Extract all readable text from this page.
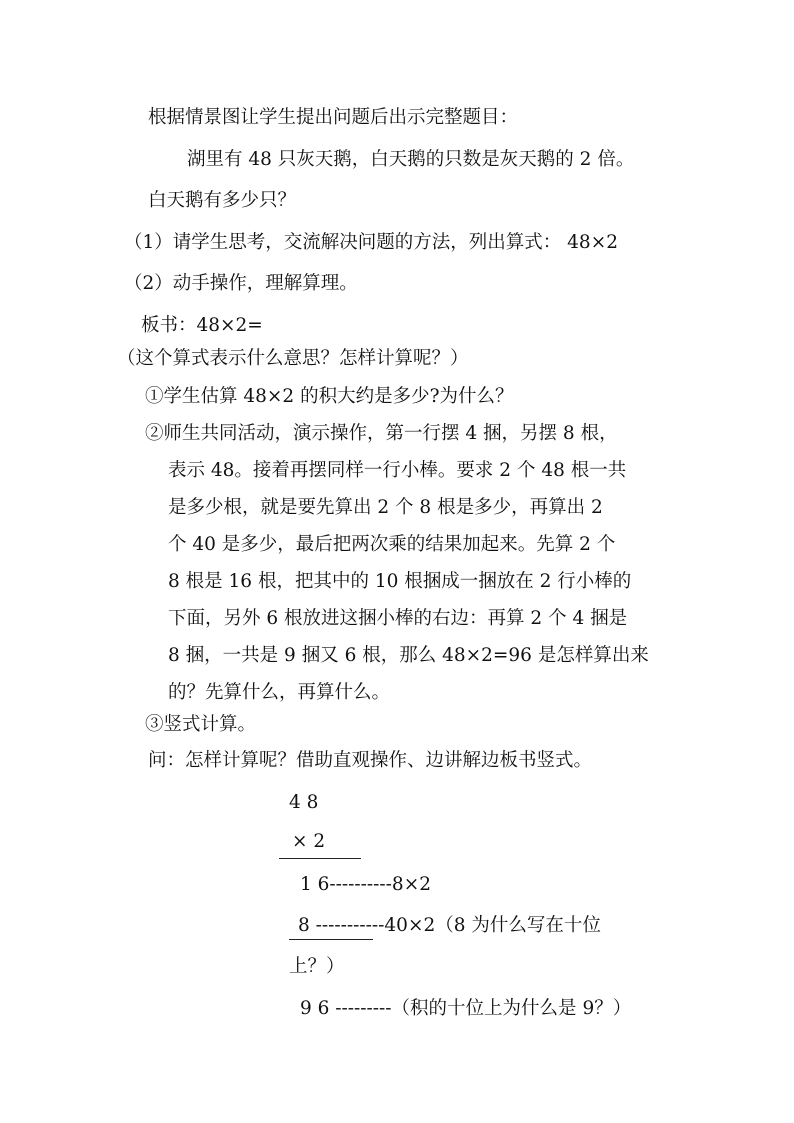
根据情景图让学生提出问题后出示完整题目：
湖里有 48 只灰天鹅，白天鹅的只数是灰天鹅的 2 倍。
白天鹅有多少只？
（1）请学生思考，交流解决问题的方法，列出算式： 48×2
（2）动手操作，理解算理。
板书：48×2=
（这个算式表示什么意思？怎样计算呢？）
①学生估算 48×2 的积大约是多少?为什么？
②师生共同活动，演示操作，第一行摆 4 捆，另摆 8 根，
表示 48。接着再摆同样一行小棒。要求 2 个 48 根一共
是多少根，就是要先算出 2 个 8 根是多少，再算出 2
个 40 是多少，最后把两次乘的结果加起来。先算 2 个
8 根是 16 根，把其中的 10 根捆成一捆放在 2 行小棒的
下面，另外 6 根放进这捆小棒的右边：再算 2 个 4 捆是
8 捆，一共是 9 捆又 6 根，那么 48×2=96 是怎样算出来
的？先算什么，再算什么。
③竖式计算。
问：怎样计算呢？借助直观操作、边讲解边板书竖式。
4 8
× 2
1 6----------8×2
8 -----------40×2（8 为什么写在十位
上？）
9 6 ---------（积的十位上为什么是 9？）
